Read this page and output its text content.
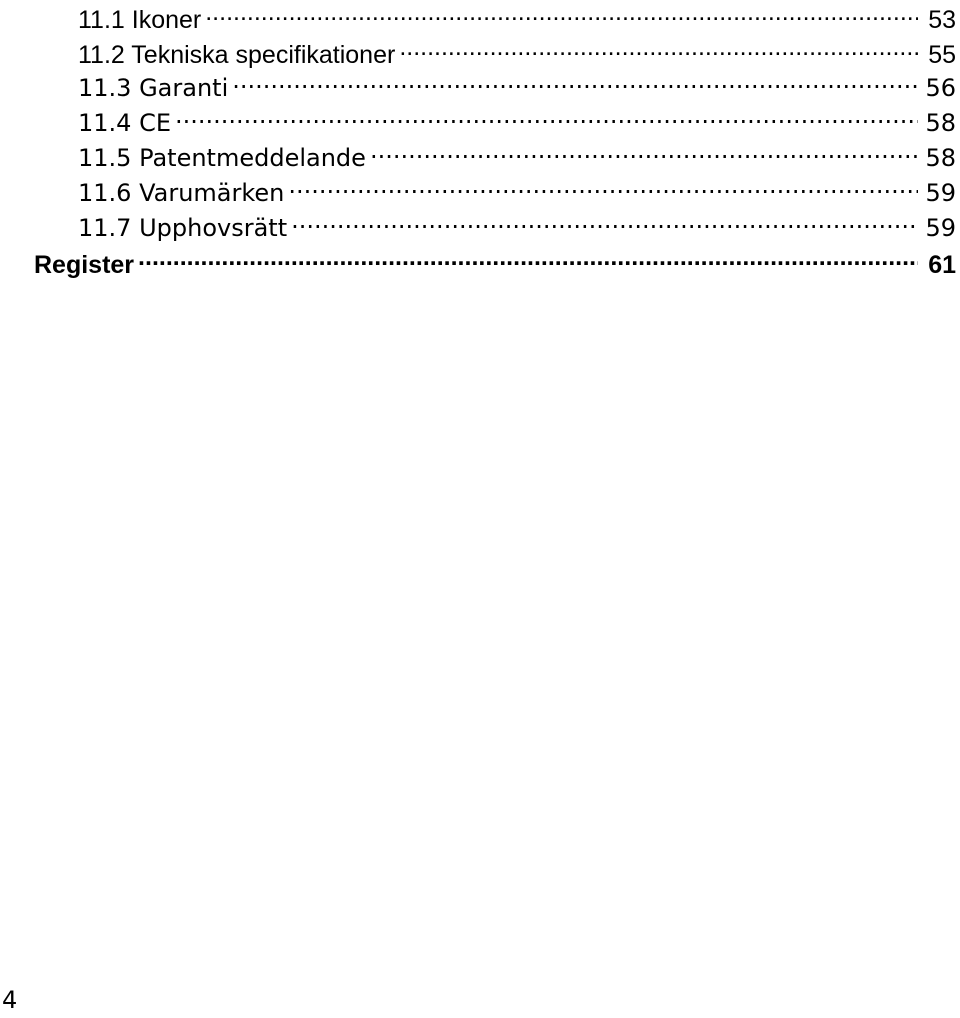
11.1 Ikoner .....	53
11.2 Tekniska specifikationer .....	55
11.3 Garanti .....	56
11.4 CE .....	58
11.5 Patentmeddelande .....	58
11.6 Varumärken .....	59
11.7 Upphovsrätt .....	59
Register .....	61
4
